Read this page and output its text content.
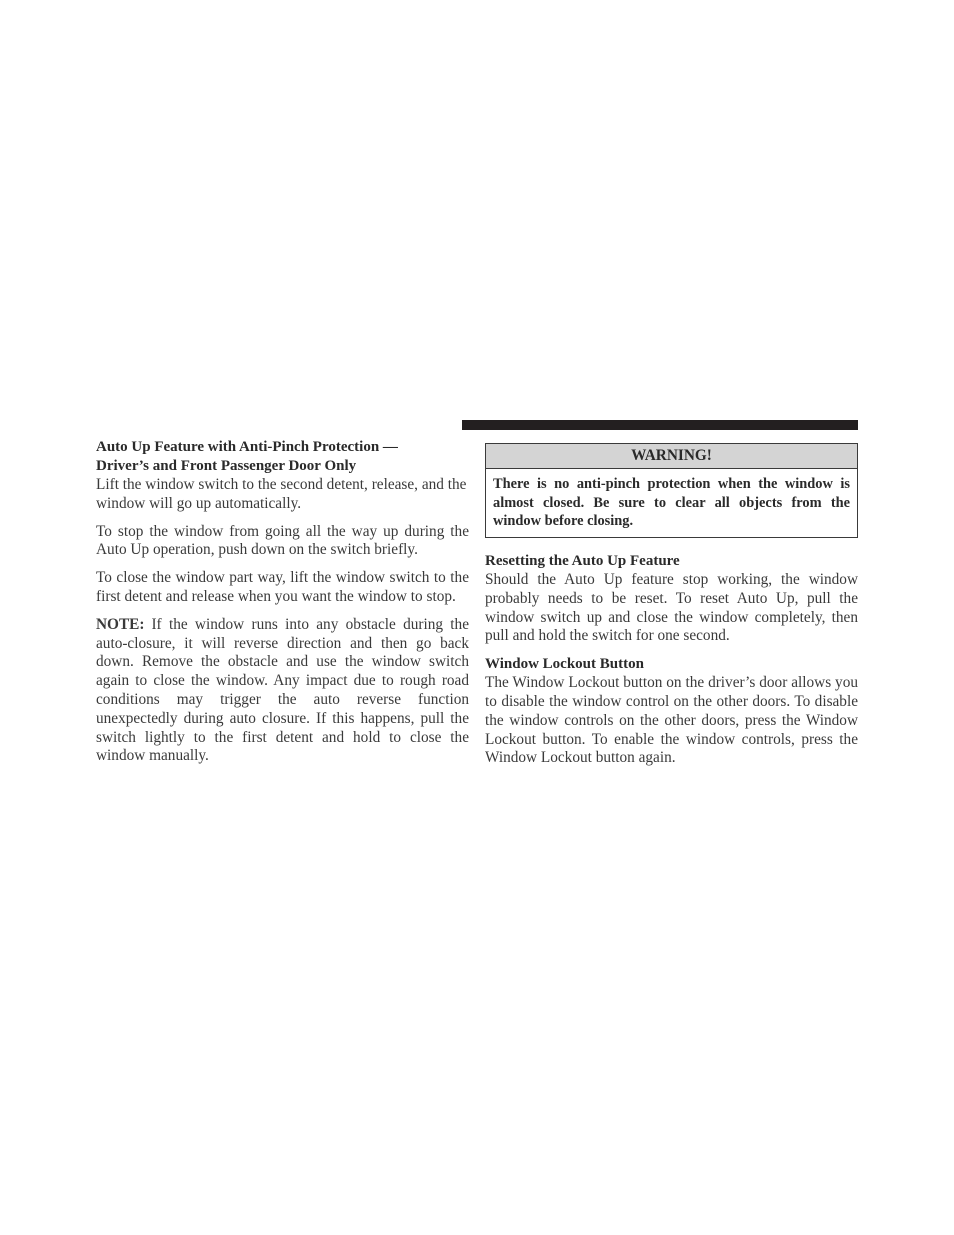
Auto Up Feature with Anti-Pinch Protection —
Driver’s and Front Passenger Door Only

Lift the window switch to the second detent, release, and the window will go up automatically.

To stop the window from going all the way up during the Auto Up operation, push down on the switch briefly.

To close the window part way, lift the window switch to the first detent and release when you want the window to stop.

NOTE: If the window runs into any obstacle during the auto-closure, it will reverse direction and then go back down. Remove the obstacle and use the window switch again to close the window. Any impact due to rough road conditions may trigger the auto reverse function unexpectedly during auto closure. If this happens, pull the switch lightly to the first detent and hold to close the window manually.

WARNING!
There is no anti-pinch protection when the window is almost closed. Be sure to clear all objects from the window before closing.
Resetting the Auto Up Feature

Should the Auto Up feature stop working, the window probably needs to be reset. To reset Auto Up, pull the window switch up and close the window completely, then pull and hold the switch for one second.

Window Lockout Button

The Window Lockout button on the driver’s door allows you to disable the window control on the other doors. To disable the window controls on the other doors, press the Window Lockout button. To enable the window controls, press the Window Lockout button again.
